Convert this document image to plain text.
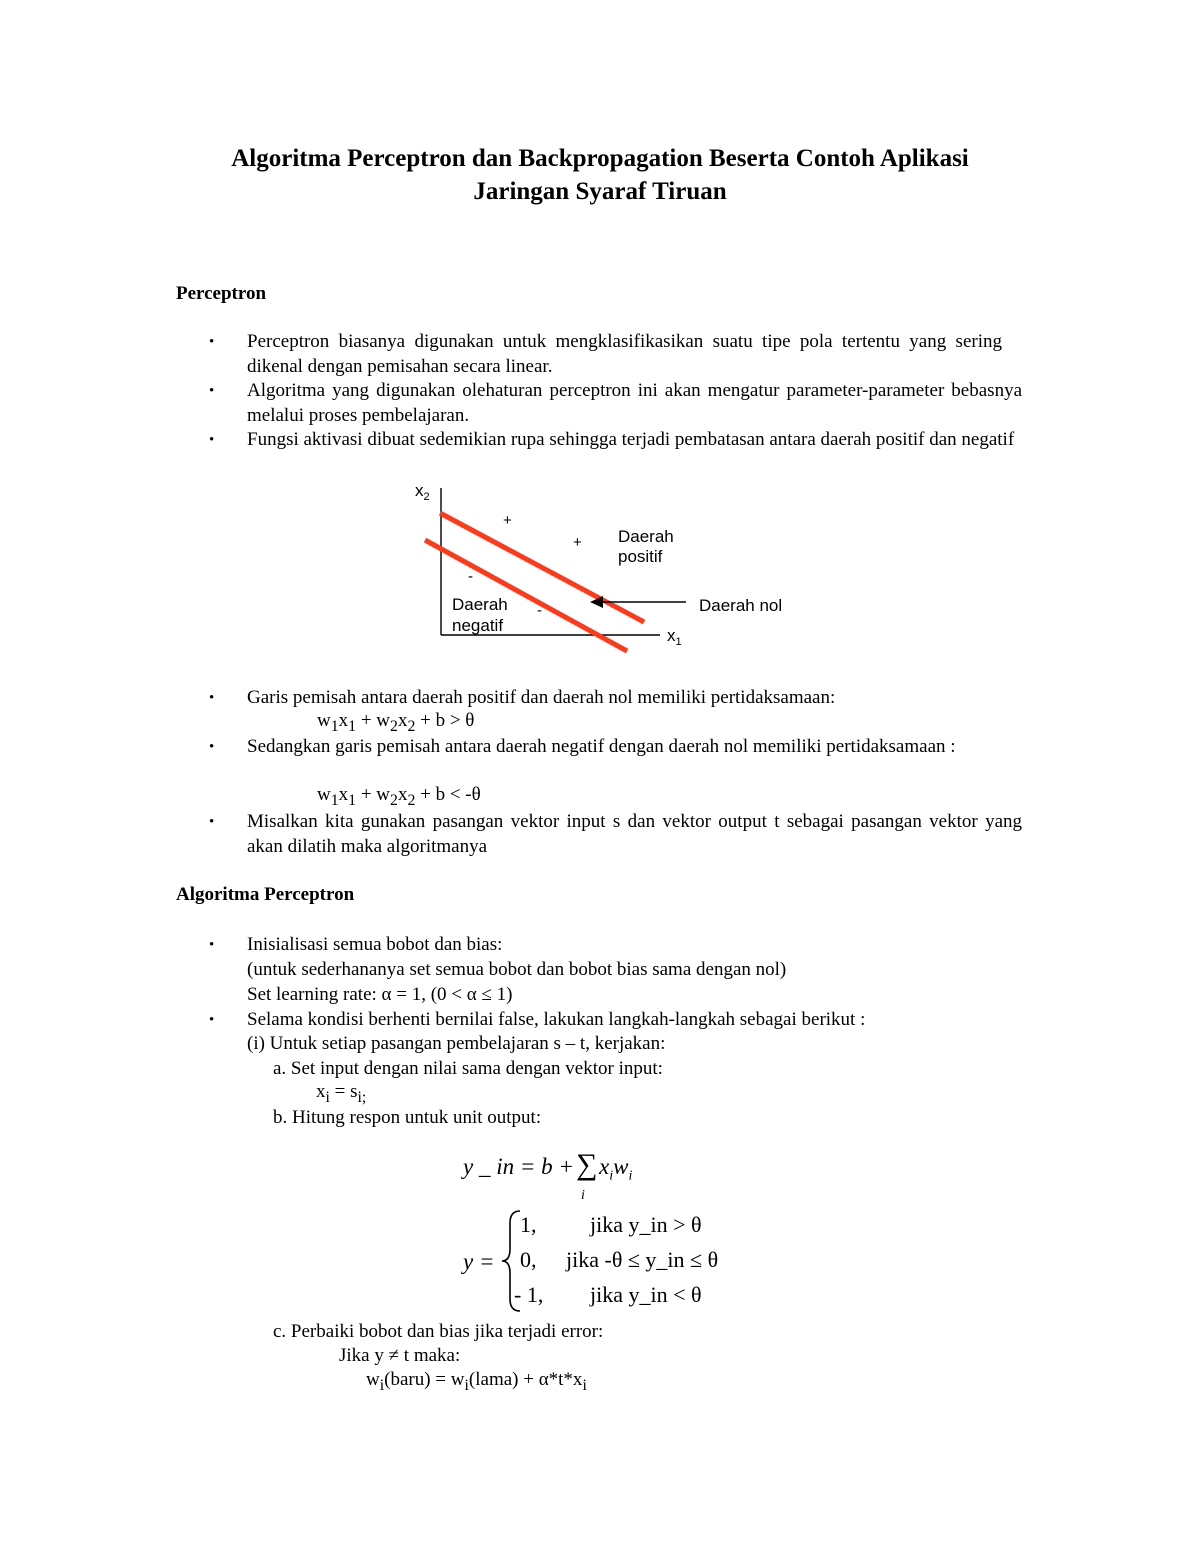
Algoritma Perceptron dan Backpropagation Beserta Contoh Aplikasi
Jaringan Syaraf Tiruan
Perceptron
• Perceptron biasanya digunakan untuk mengklasifikasikan suatu tipe pola tertentu yang sering dikenal dengan pemisahan secara linear.
• Algoritma yang digunakan olehaturan perceptron ini akan mengatur parameter-parameter bebasnya melalui proses pembelajaran.
• Fungsi aktivasi dibuat sedemikian rupa sehingga terjadi pembatasan antara daerah positif dan negatif
$x_2$
$x_1$
+
+
-
-
Daerah
positif
Daerah
negatif
Daerah nol
• Garis pemisah antara daerah positif dan daerah nol memiliki pertidaksamaan:
$w_1x_1 + w_2x_2 + b > \theta$
• Sedangkan garis pemisah antara daerah negatif dengan daerah nol memiliki pertidaksamaan :
$w_1x_1 + w_2x_2 + b < -\theta$
• Misalkan kita gunakan pasangan vektor input s dan vektor output t sebagai pasangan vektor yang akan dilatih maka algoritmanya
Algoritma Perceptron
• Inisialisasi semua bobot dan bias:
(untuk sederhananya set semua bobot dan bobot bias sama dengan nol)
Set learning rate: α = 1, (0 < α ≤ 1)
• Selama kondisi berhenti bernilai false, lakukan langkah-langkah sebagai berikut :
(i) Untuk setiap pasangan pembelajaran s – t, kerjakan:
a. Set input dengan nilai sama dengan vektor input:
$x_i = s_{i;}$
b. Hitung respon untuk unit output:
y _ in = b + ∑
i
$x_iw_i$
y =
1, jika y_in > θ
0, jika -θ ≤ y_in ≤ θ
- 1, jika y_in < θ
c. Perbaiki bobot dan bias jika terjadi error:
Jika y ≠ t maka:
$w_i(baru)$ = $w_i(lama) + \alpha*t*x_i$
